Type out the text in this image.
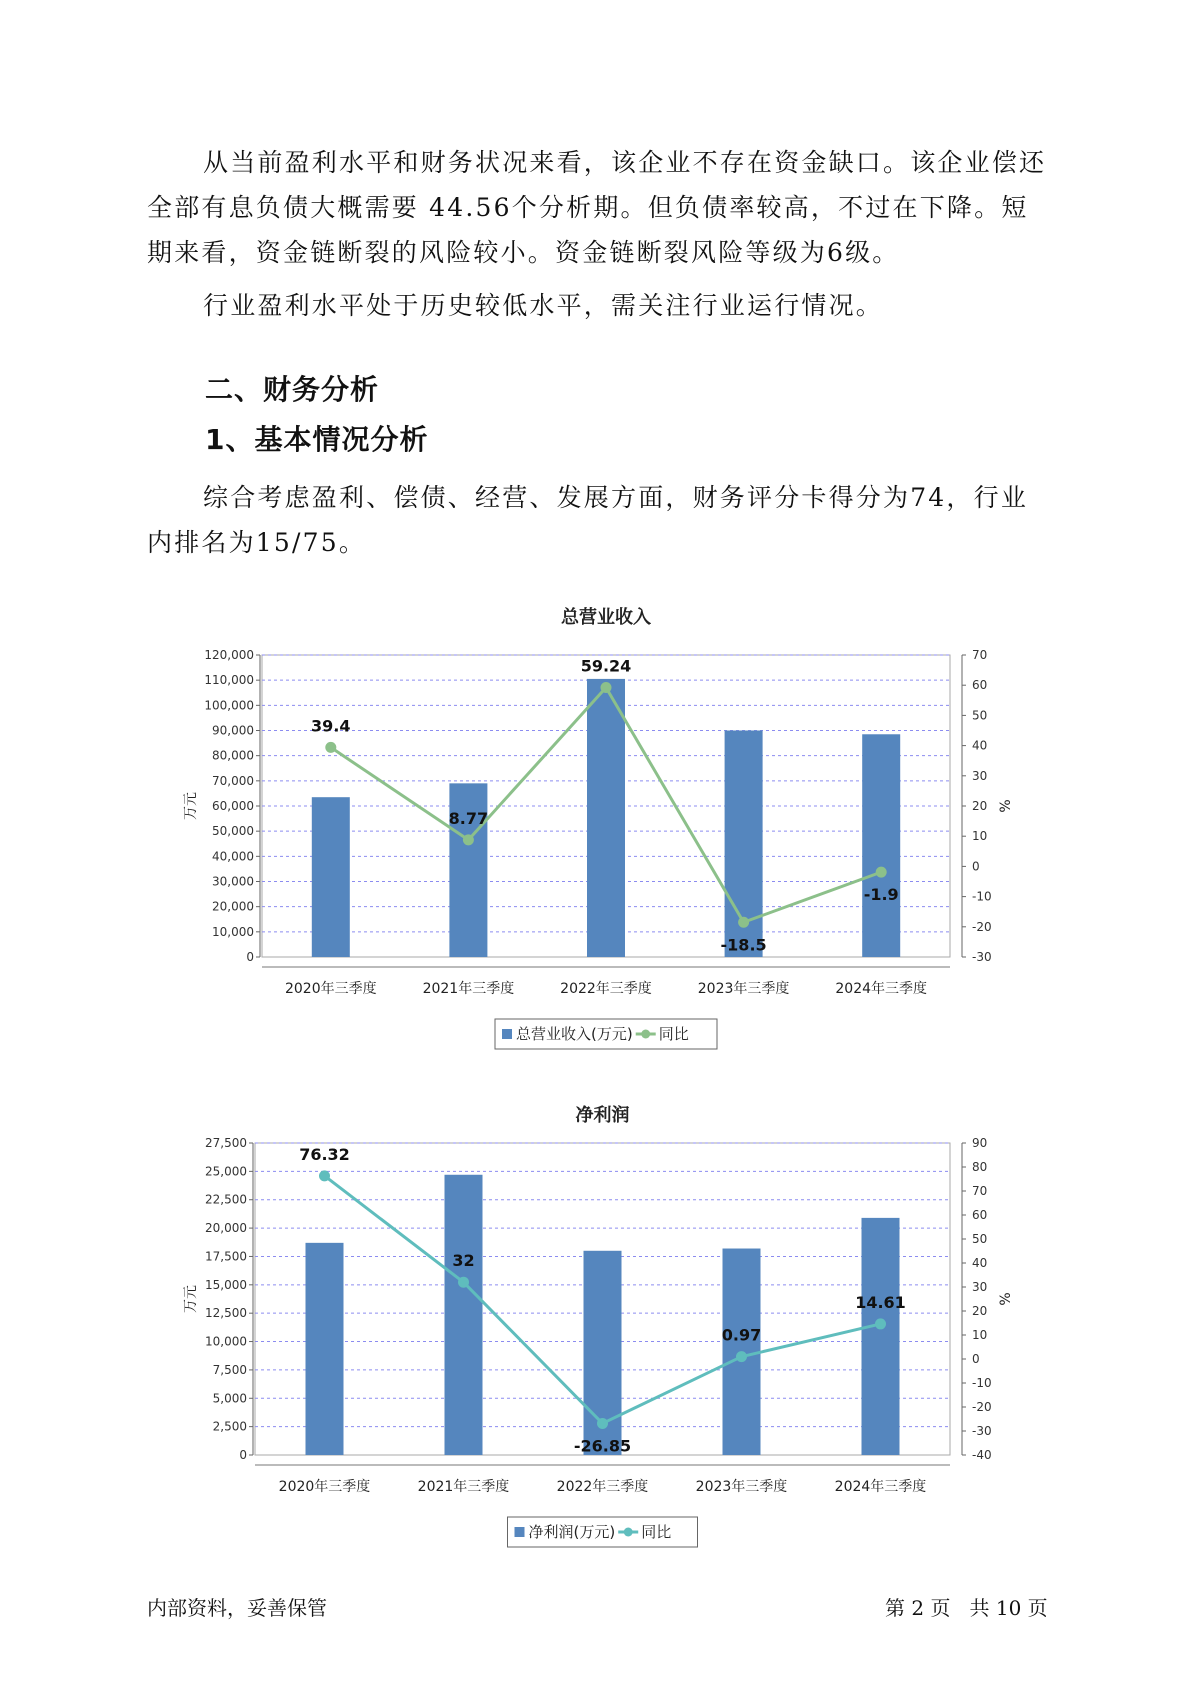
从当前盈利水平和财务状况来看，该企业不存在资金缺口。该企业偿还全部有息负债大概需要 44.56个分析期。但负债率较高，不过在下降。短期来看，资金链断裂的风险较小。资金链断裂风险等级为6级。

行业盈利水平处于历史较低水平，需关注行业运行情况。

二、财务分析
1、基本情况分析

综合考虑盈利、偿债、经营、发展方面，财务评分卡得分为74，行业内排名为15/75。

总营业收入
0
10,000
20,000
30,000
40,000
50,000
60,000
70,000
80,000
90,000
100,000
110,000
120,000
-30
-20
-10
0
10
20
30
40
50
60
70
万元	%
2020年三季度	2021年三季度	2022年三季度	2023年三季度	2024年三季度
39.4
8.77
59.24
-18.5
-1.9
总营业收入(万元) 同比
净利润
0
2,500
5,000
7,500
10,000
12,500
15,000
17,500
20,000
22,500
25,000
27,500
-40
-30
-20
-10
0
10
20
30
40
50
60
70
80
90
万元	%
2020年三季度	2021年三季度	2022年三季度	2023年三季度	2024年三季度
76.32
32
-26.85
0.97
14.61
净利润(万元) 同比
内部资料，妥善保管	第 2 页   共 10 页
